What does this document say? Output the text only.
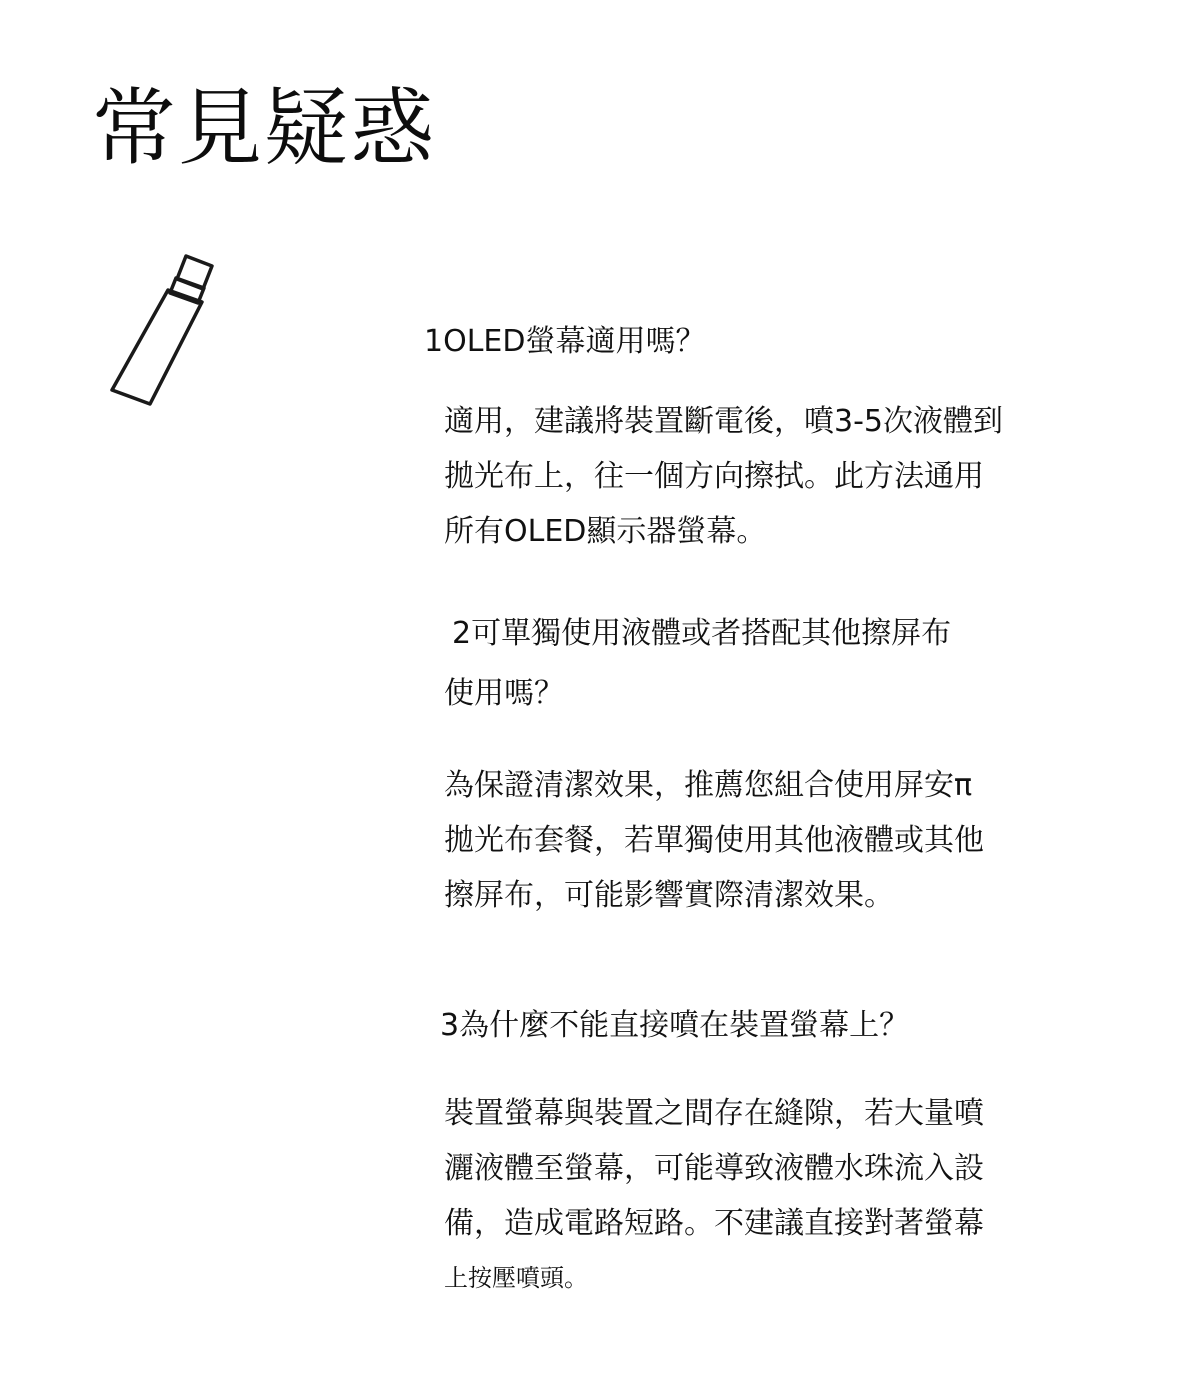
常見疑惑
1OLED螢幕適用嗎？
適用，建議將裝置斷電後，噴3-5次液體到
拋光布上，往一個方向擦拭。此方法通用
所有OLED顯示器螢幕。
2可單獨使用液體或者搭配其他擦屏布
使用嗎？
為保證清潔效果，推薦您組合使用屏安π
拋光布套餐，若單獨使用其他液體或其他
擦屏布，可能影響實際清潔效果。
3為什麼不能直接噴在裝置螢幕上？
裝置螢幕與裝置之間存在縫隙，若大量噴
灑液體至螢幕，可能導致液體水珠流入設
備，造成電路短路。不建議直接對著螢幕
上按壓噴頭。
